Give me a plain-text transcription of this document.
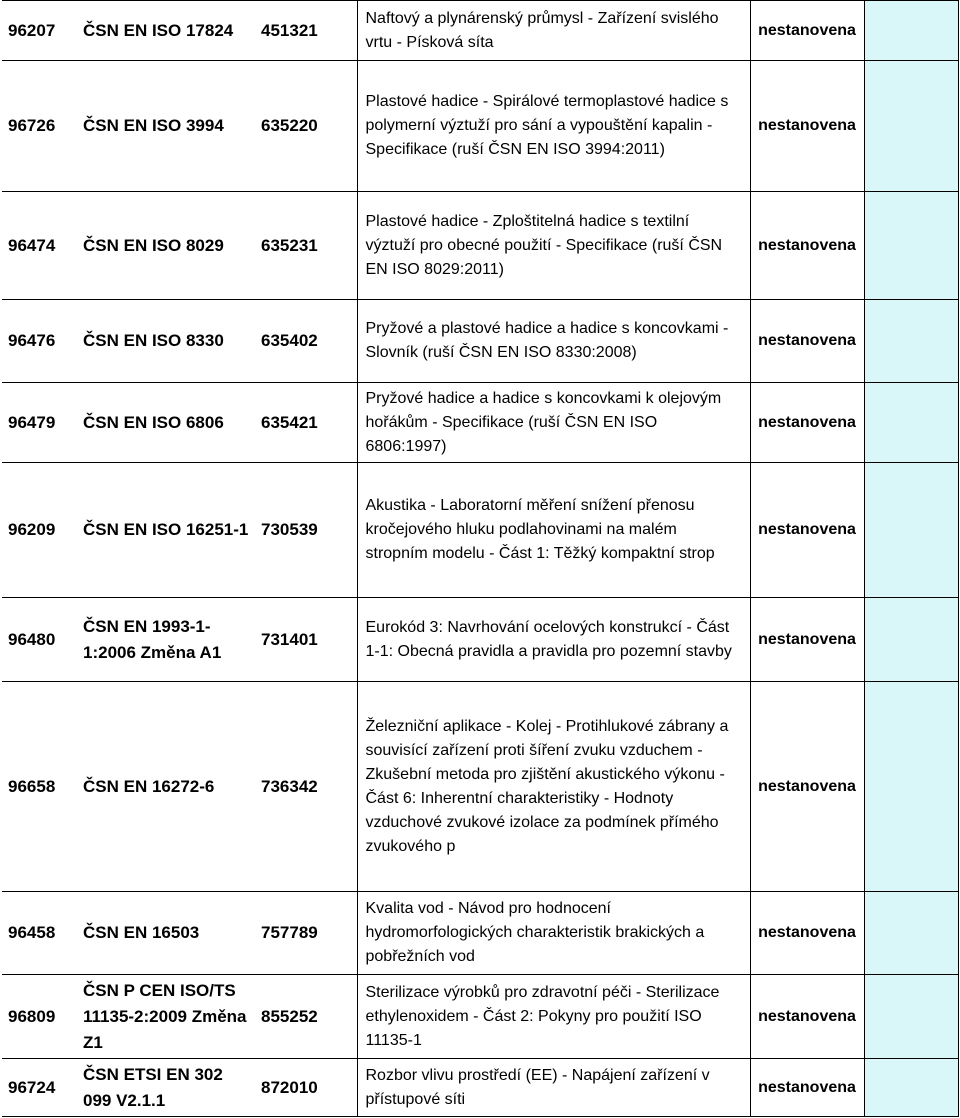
96207	ČSN EN ISO 17824	451321	Naftový a plynárenský průmysl - Zařízení svislého vrtu - Písková síta	nestanovena	
96726	ČSN EN ISO 3994	635220	Plastové hadice - Spirálové termoplastové hadice s polymerní výztuží pro sání a vypouštění kapalin - Specifikace (ruší ČSN EN ISO 3994:2011)	nestanovena	
96474	ČSN EN ISO 8029	635231	Plastové hadice - Zploštitelná hadice s textilní výztuží pro obecné použití - Specifikace (ruší ČSN EN ISO 8029:2011)	nestanovena	
96476	ČSN EN ISO 8330	635402	Pryžové a plastové hadice a hadice s koncovkami - Slovník (ruší ČSN EN ISO 8330:2008)	nestanovena	
96479	ČSN EN ISO 6806	635421	Pryžové hadice a hadice s koncovkami k olejovým hořákům - Specifikace (ruší ČSN EN ISO 6806:1997)	nestanovena	
96209	ČSN EN ISO 16251-1	730539	Akustika - Laboratorní měření snížení přenosu kročejového hluku podlahovinami na malém stropním modelu - Část 1: Těžký kompaktní strop	nestanovena	
96480	ČSN EN 1993-1-1:2006 Změna A1	731401	Eurokód 3: Navrhování ocelových konstrukcí - Část 1-1: Obecná pravidla a pravidla pro pozemní stavby	nestanovena	
96658	ČSN EN 16272-6	736342	Železniční aplikace - Kolej - Protihlukové zábrany a souvisící zařízení proti šíření zvuku vzduchem - Zkušební metoda pro zjištění akustického výkonu - Část 6: Inherentní charakteristiky - Hodnoty vzduchové zvukové izolace za podmínek přímého zvukového p	nestanovena	
96458	ČSN EN 16503	757789	Kvalita vod - Návod pro hodnocení hydromorfologických charakteristik brakických a pobřežních vod	nestanovena	
96809	ČSN P CEN ISO/TS 11135-2:2009 Změna Z1	855252	Sterilizace výrobků pro zdravotní péči - Sterilizace ethylenoxidem - Část 2: Pokyny pro použití ISO 11135-1	nestanovena	
96724	ČSN ETSI EN 302 099 V2.1.1	872010	Rozbor vlivu prostředí (EE) - Napájení zařízení v přístupové síti	nestanovena	
